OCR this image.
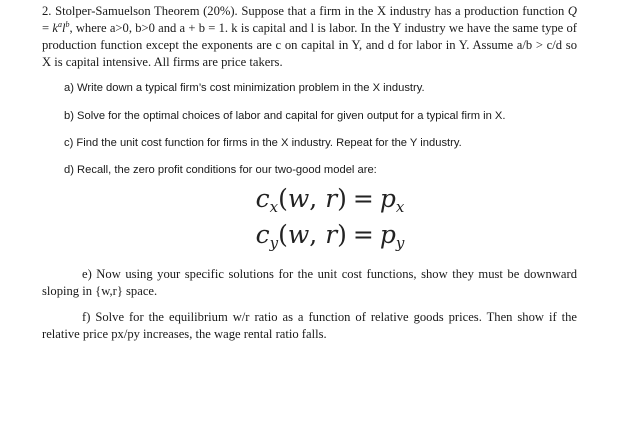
2. Stolper-Samuelson Theorem (20%). Suppose that a firm in the X industry has a production function $Q = k^al^b$, where a>0, b>0 and a + b = 1. k is capital and l is labor. In the Y industry we have the same type of production function except the exponents are c on capital in Y, and d for labor in Y. Assume a/b > c/d so X is capital intensive. All firms are price takers.

a) Write down a typical firm’s cost minimization problem in the X industry.

b) Solve for the optimal choices of labor and capital for given output for a typical firm in X.

c) Find the unit cost function for firms in the X industry. Repeat for the Y industry.

d) Recall, the zero profit conditions for our two-good model are:

$c_x(w$, $r) = p_x$
$c_y(w$, $r) = p_y$

e) Now using your specific solutions for the unit cost functions, show they must be downward sloping in {w,r} space.

f) Solve for the equilibrium w/r ratio as a function of relative goods prices. Then show if the relative price px/py increases, the wage rental ratio falls.
